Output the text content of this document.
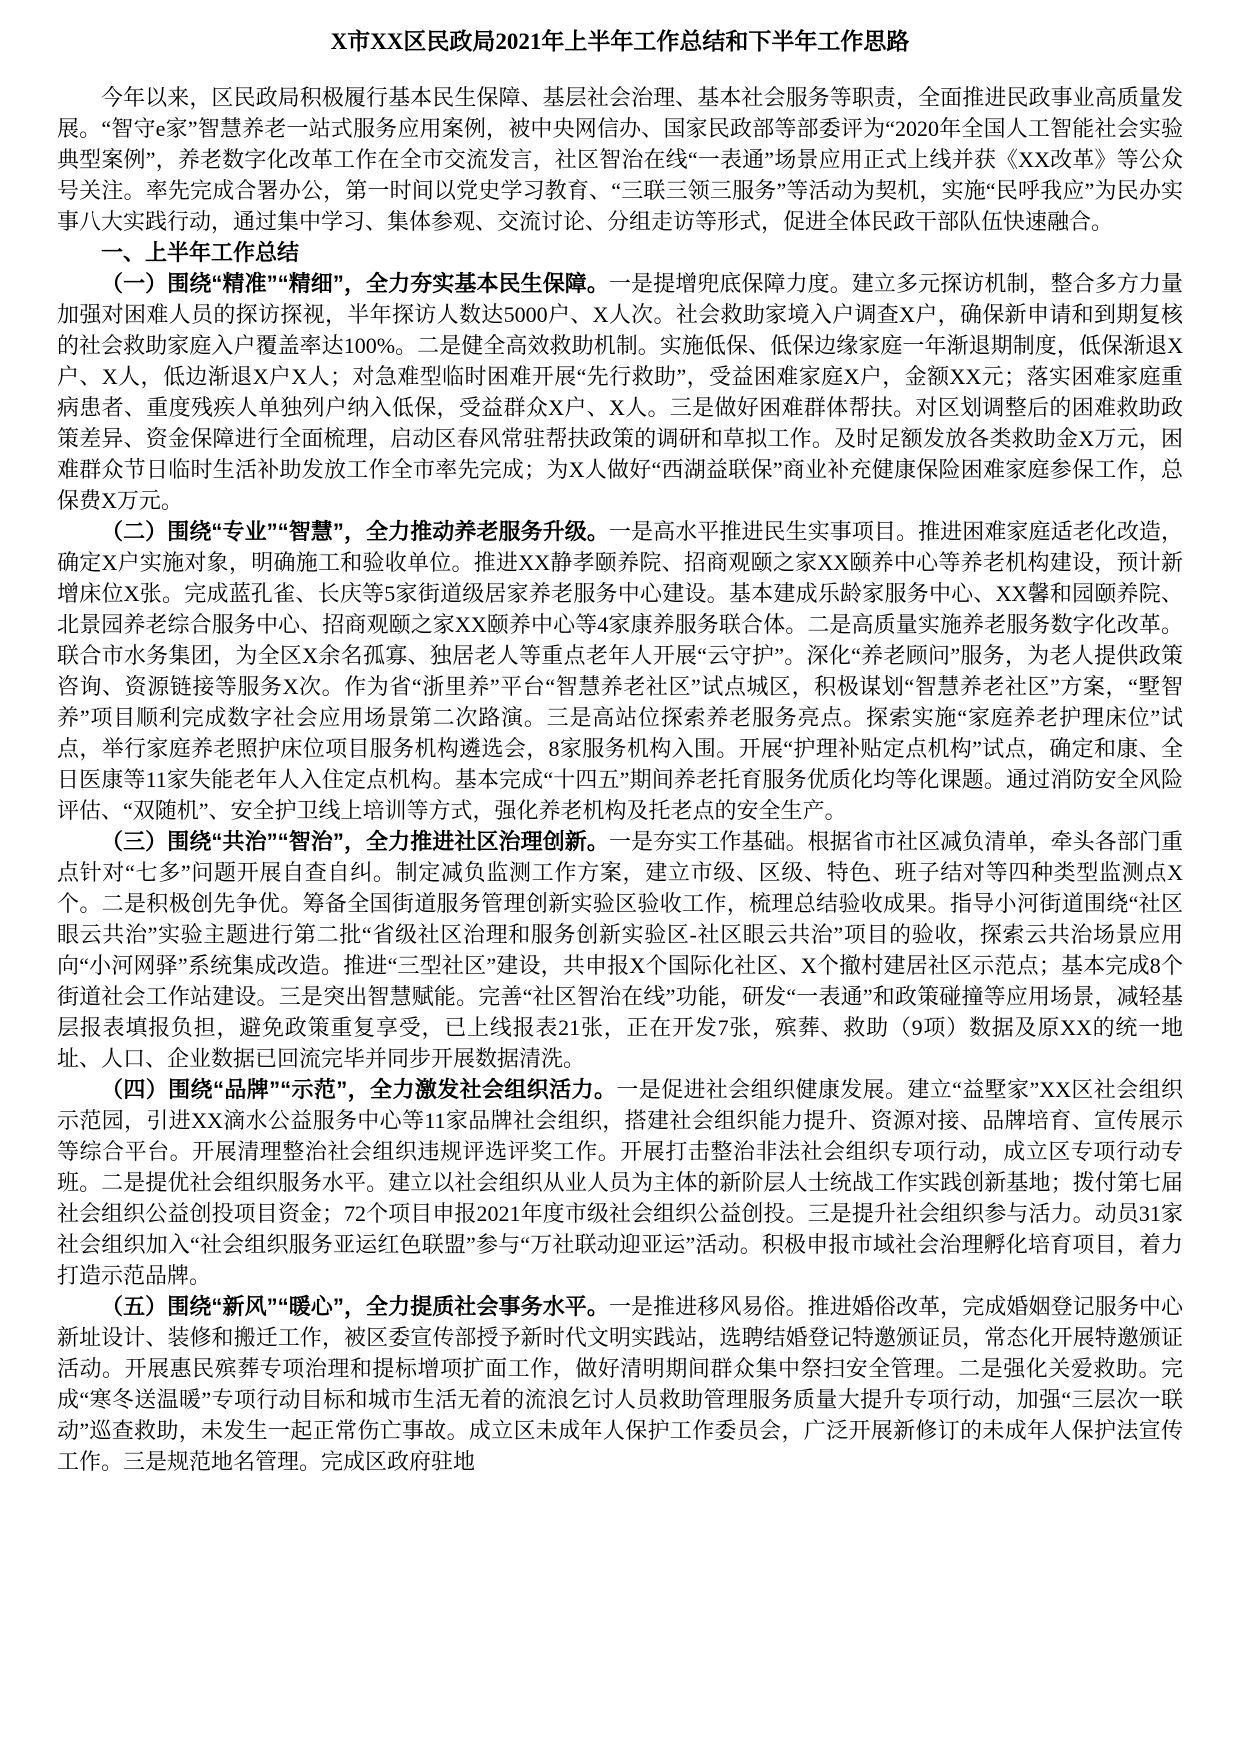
X市XX区民政局2021年上半年工作总结和下半年工作思路

今年以来，区民政局积极履行基本民生保障、基层社会治理、基本社会服务等职责，全面推进民政事业高质量发展。“智守e家”智慧养老一站式服务应用案例，被中央网信办、国家民政部等部委评为“2020年全国人工智能社会实验典型案例”，养老数字化改革工作在全市交流发言，社区智治在线“一表通”场景应用正式上线并获《XX改革》等公众号关注。率先完成合署办公，第一时间以党史学习教育、“三联三领三服务”等活动为契机，实施“民呼我应”为民办实事八大实践行动，通过集中学习、集体参观、交流讨论、分组走访等形式，促进全体民政干部队伍快速融合。

一、上半年工作总结

（一）围绕“精准”“精细”，全力夯实基本民生保障。一是提增兜底保障力度。建立多元探访机制，整合多方力量加强对困难人员的探访探视，半年探访人数达5000户、X人次。社会救助家境入户调查X户，确保新申请和到期复核的社会救助家庭入户覆盖率达100%。二是健全高效救助机制。实施低保、低保边缘家庭一年渐退期制度，低保渐退X户、X人，低边渐退X户X人；对急难型临时困难开展“先行救助”，受益困难家庭X户，金额XX元；落实困难家庭重病患者、重度残疾人单独列户纳入低保，受益群众X户、X人。三是做好困难群体帮扶。对区划调整后的困难救助政策差异、资金保障进行全面梳理，启动区春风常驻帮扶政策的调研和草拟工作。及时足额发放各类救助金X万元，困难群众节日临时生活补助发放工作全市率先完成；为X人做好“西湖益联保”商业补充健康保险困难家庭参保工作，总保费X万元。

（二）围绕“专业”“智慧”，全力推动养老服务升级。一是高水平推进民生实事项目。推进困难家庭适老化改造，确定X户实施对象，明确施工和验收单位。推进XX静孝颐养院、招商观颐之家XX颐养中心等养老机构建设，预计新增床位X张。完成蓝孔雀、长庆等5家街道级居家养老服务中心建设。基本建成乐龄家服务中心、XX馨和园颐养院、北景园养老综合服务中心、招商观颐之家XX颐养中心等4家康养服务联合体。二是高质量实施养老服务数字化改革。联合市水务集团，为全区X余名孤寡、独居老人等重点老年人开展“云守护”。深化“养老顾问”服务，为老人提供政策咨询、资源链接等服务X次。作为省“浙里养”平台“智慧养老社区”试点城区，积极谋划“智慧养老社区”方案，“墅智养”项目顺利完成数字社会应用场景第二次路演。三是高站位探索养老服务亮点。探索实施“家庭养老护理床位”试点，举行家庭养老照护床位项目服务机构遴选会，8家服务机构入围。开展“护理补贴定点机构”试点，确定和康、全日医康等11家失能老年人入住定点机构。基本完成“十四五”期间养老托育服务优质化均等化课题。通过消防安全风险评估、“双随机”、安全护卫线上培训等方式，强化养老机构及托老点的安全生产。

（三）围绕“共治”“智治”，全力推进社区治理创新。一是夯实工作基础。根据省市社区减负清单，牵头各部门重点针对“七多”问题开展自查自纠。制定减负监测工作方案，建立市级、区级、特色、班子结对等四种类型监测点X个。二是积极创先争优。筹备全国街道服务管理创新实验区验收工作，梳理总结验收成果。指导小河街道围绕“社区眼云共治”实验主题进行第二批“省级社区治理和服务创新实验区-社区眼云共治”项目的验收，探索云共治场景应用向“小河网驿”系统集成改造。推进“三型社区”建设，共申报X个国际化社区、X个撤村建居社区示范点；基本完成8个街道社会工作站建设。三是突出智慧赋能。完善“社区智治在线”功能，研发“一表通”和政策碰撞等应用场景，减轻基层报表填报负担，避免政策重复享受，已上线报表21张，正在开发7张，殡葬、救助（9项）数据及原XX的统一地址、人口、企业数据已回流完毕并同步开展数据清洗。

（四）围绕“品牌”“示范”，全力激发社会组织活力。一是促进社会组织健康发展。建立“益墅家”XX区社会组织示范园，引进XX滴水公益服务中心等11家品牌社会组织，搭建社会组织能力提升、资源对接、品牌培育、宣传展示等综合平台。开展清理整治社会组织违规评选评奖工作。开展打击整治非法社会组织专项行动，成立区专项行动专班。二是提优社会组织服务水平。建立以社会组织从业人员为主体的新阶层人士统战工作实践创新基地；拨付第七届社会组织公益创投项目资金；72个项目申报2021年度市级社会组织公益创投。三是提升社会组织参与活力。动员31家社会组织加入“社会组织服务亚运红色联盟”参与“万社联动迎亚运”活动。积极申报市域社会治理孵化培育项目，着力打造示范品牌。

（五）围绕“新风”“暖心”，全力提质社会事务水平。一是推进移风易俗。推进婚俗改革，完成婚姻登记服务中心新址设计、装修和搬迁工作，被区委宣传部授予新时代文明实践站，选聘结婚登记特邀颁证员，常态化开展特邀颁证活动。开展惠民殡葬专项治理和提标增项扩面工作，做好清明期间群众集中祭扫安全管理。二是强化关爱救助。完成“寒冬送温暖”专项行动目标和城市生活无着的流浪乞讨人员救助管理服务质量大提升专项行动，加强“三层次一联动”巡查救助，未发生一起正常伤亡事故。成立区未成年人保护工作委员会，广泛开展新修订的未成年人保护法宣传工作。三是规范地名管理。完成区政府驻地
